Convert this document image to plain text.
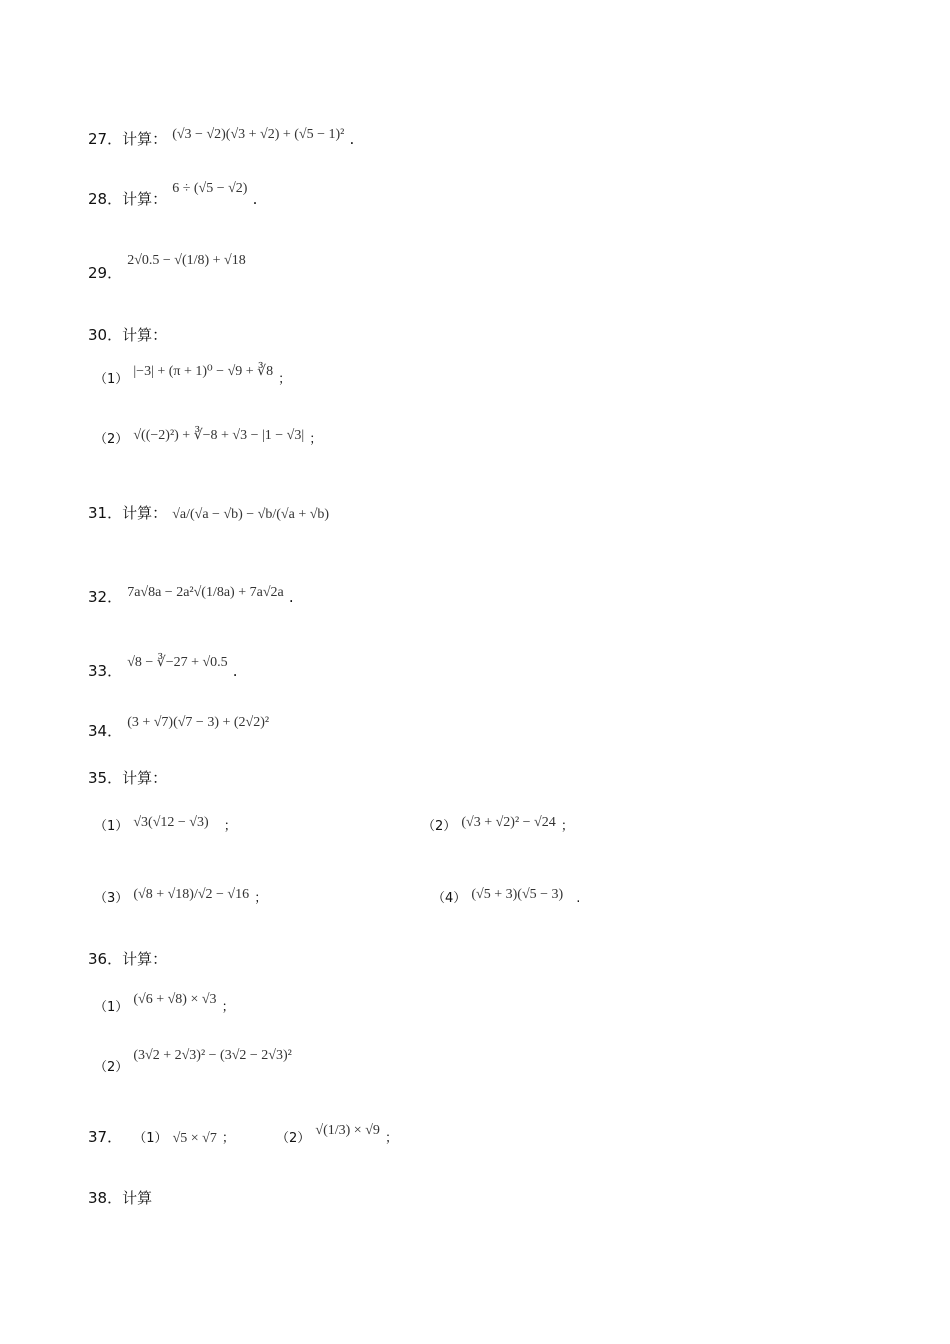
27．计算： (√3 − √2)(√3 + √2) + (√5 − 1)² .
28．计算： 6 ÷ (√5 − √2) .
29． 2√0.5 − √(1/8) + √18
30．计算：
（1） |−3| + (π + 1)⁰ − √9 + ∛8 ；
（2） √((−2)²) + ∛−8 + √3 − |1 − √3| ；
31．计算： √a/(√a − √b) − √b/(√a + √b)
32． 7a√8a − 2a²√(1/8a) + 7a√2a .
33． √8 − ∛−27 + √0.5 .
34． (3 + √7)(√7 − 3) + (2√2)²
35．计算：
（1） √3(√12 − √3) ；	（2） (√3 + √2)² − √24 ；
（3） (√8 + √18)/√2 − √16 ；	（4） (√5 + 3)(√5 − 3) .
36．计算：
（1） (√6 + √8) × √3 ；
（2） (3√2 + 2√3)² − (3√2 − 2√3)²
37． （1） √5 × √7 ；	（2） √(1/3) × √9 ；
38．计算
